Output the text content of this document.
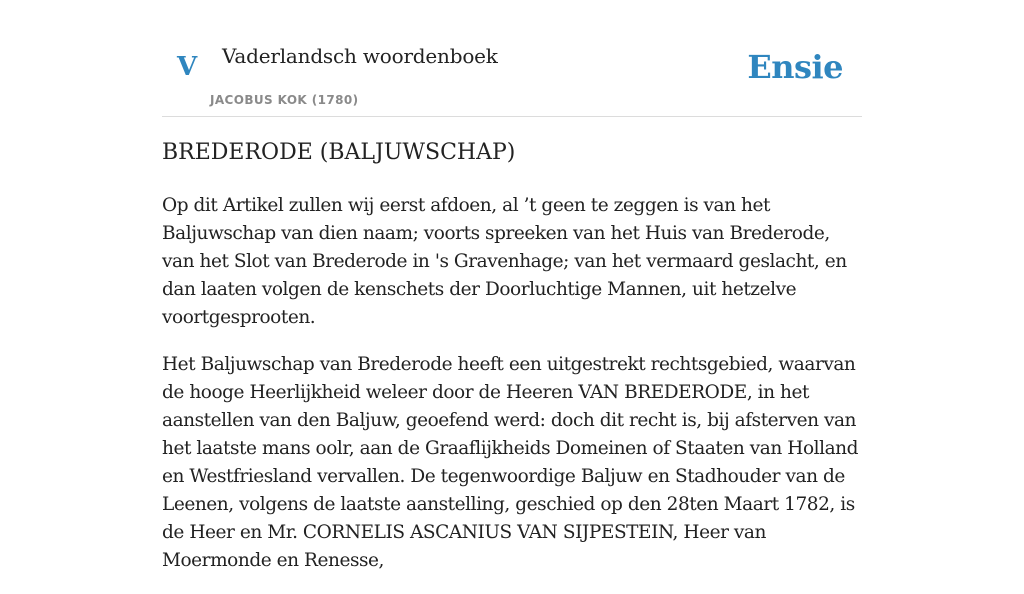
V Vaderlandsch woordenboek
JACOBUS KOK (1780)
Ensie
BREDERODE (BALJUWSCHAP)

Op dit Artikel zullen wij eerst afdoen, al ’t geen te zeggen is van het Baljuwschap van dien naam; voorts spreeken van het Huis van Brederode, van het Slot van Brederode in 's Gravenhage; van het vermaard geslacht, en dan laaten volgen de kenschets der Doorluchtige Mannen, uit hetzelve voortgesprooten.

Het Baljuwschap van Brederode heeft een uitgestrekt rechtsgebied, waarvan de hooge Heerlijkheid weleer door de Heeren VAN BREDERODE, in het aanstellen van den Baljuw, geoefend werd: doch dit recht is, bij afsterven van het laatste mans oolr, aan de Graaflijkheids Domeinen of Staaten van Holland en Westfriesland vervallen. De tegenwoordige Baljuw en Stadhouder van de Leenen, volgens de laatste aanstelling, geschied op den 28ten Maart 1782, is de Heer en Mr. CORNELIS ASCANIUS VAN SIJPESTEIN, Heer van Moermonde en Renesse,
